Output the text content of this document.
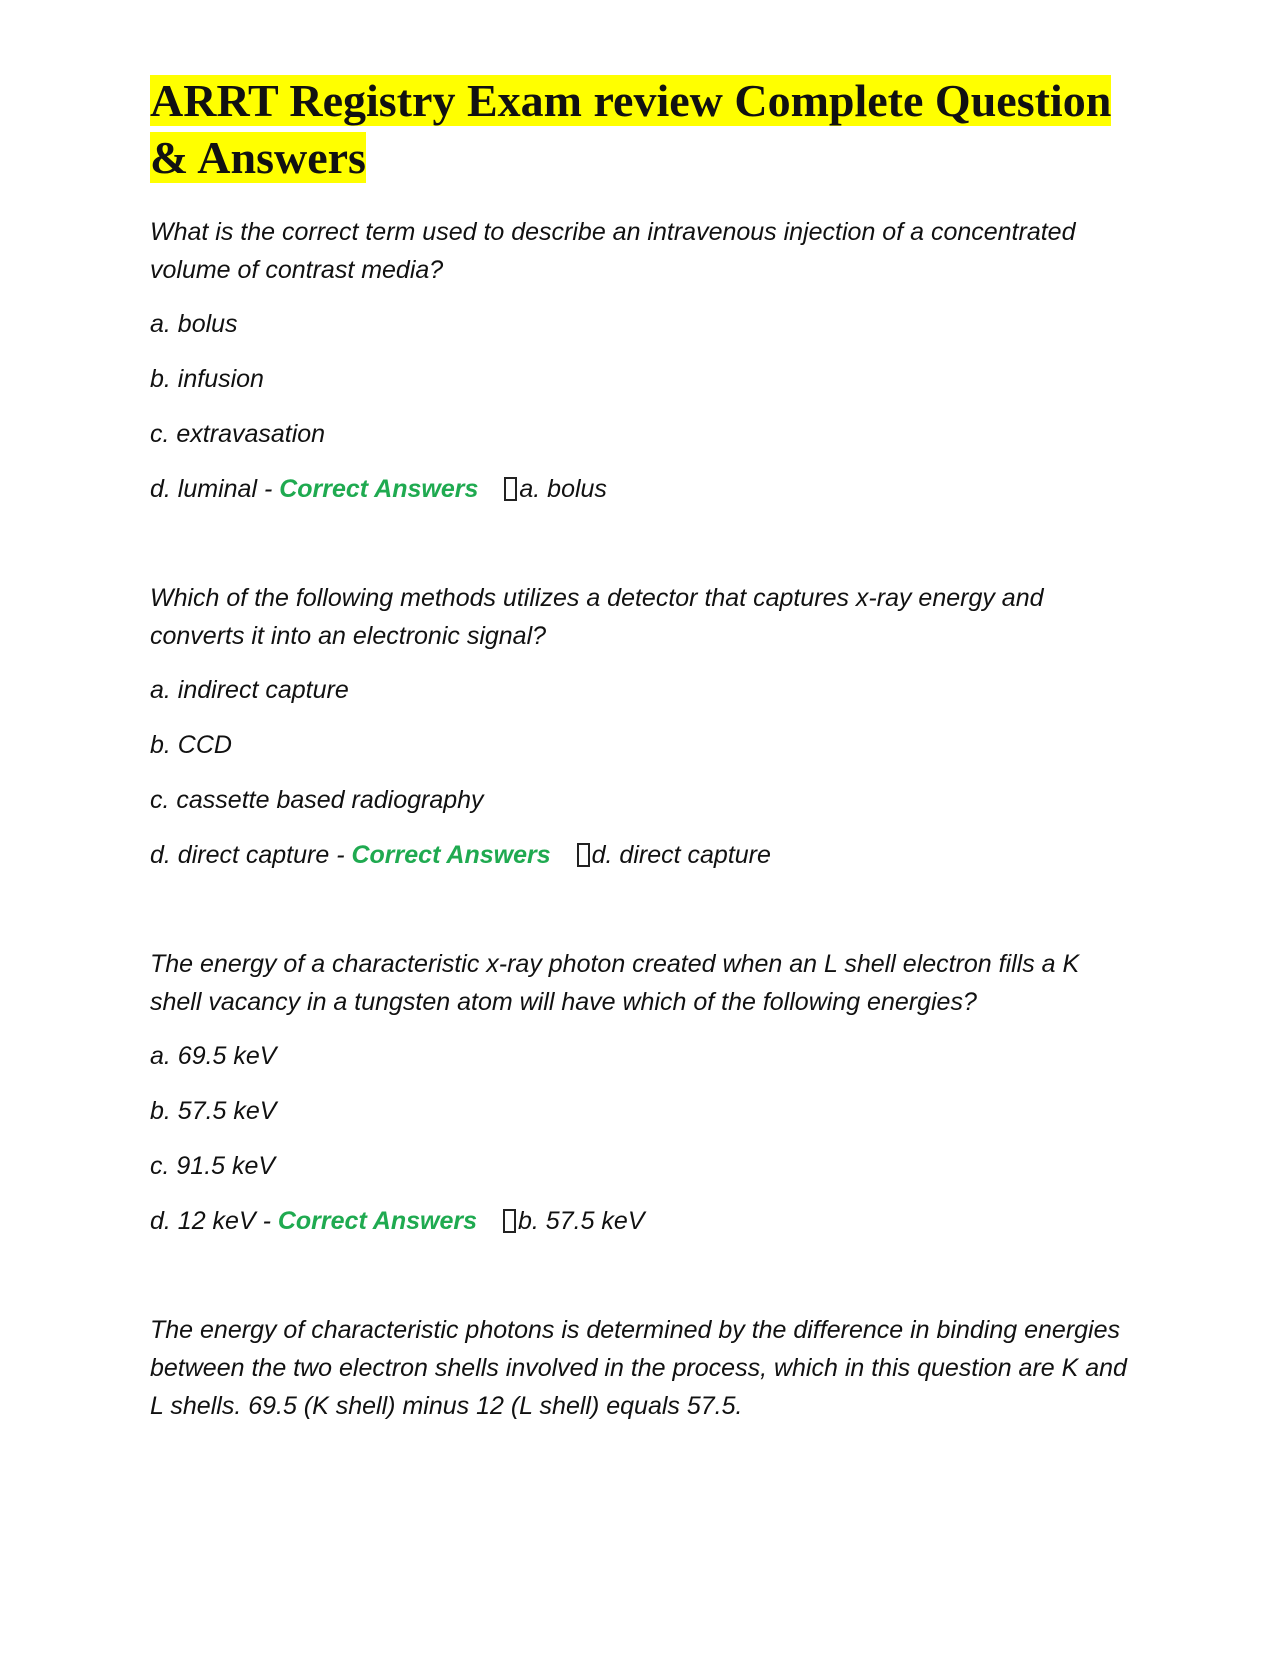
ARRT Registry Exam review Complete Question & Answers

What is the correct term used to describe an intravenous injection of a concentrated volume of contrast media?

a. bolus

b. infusion

c. extravasation

d. luminal - Correct Answers a. bolus

Which of the following methods utilizes a detector that captures x-ray energy and converts it into an electronic signal?

a. indirect capture

b. CCD

c. cassette based radiography

d. direct capture - Correct Answers d. direct capture

The energy of a characteristic x-ray photon created when an L shell electron fills a K shell vacancy in a tungsten atom will have which of the following energies?

a. 69.5 keV

b. 57.5 keV

c. 91.5 keV

d. 12 keV - Correct Answers b. 57.5 keV

The energy of characteristic photons is determined by the difference in binding energies between the two electron shells involved in the process, which in this question are K and L shells. 69.5 (K shell) minus 12 (L shell) equals 57.5.
